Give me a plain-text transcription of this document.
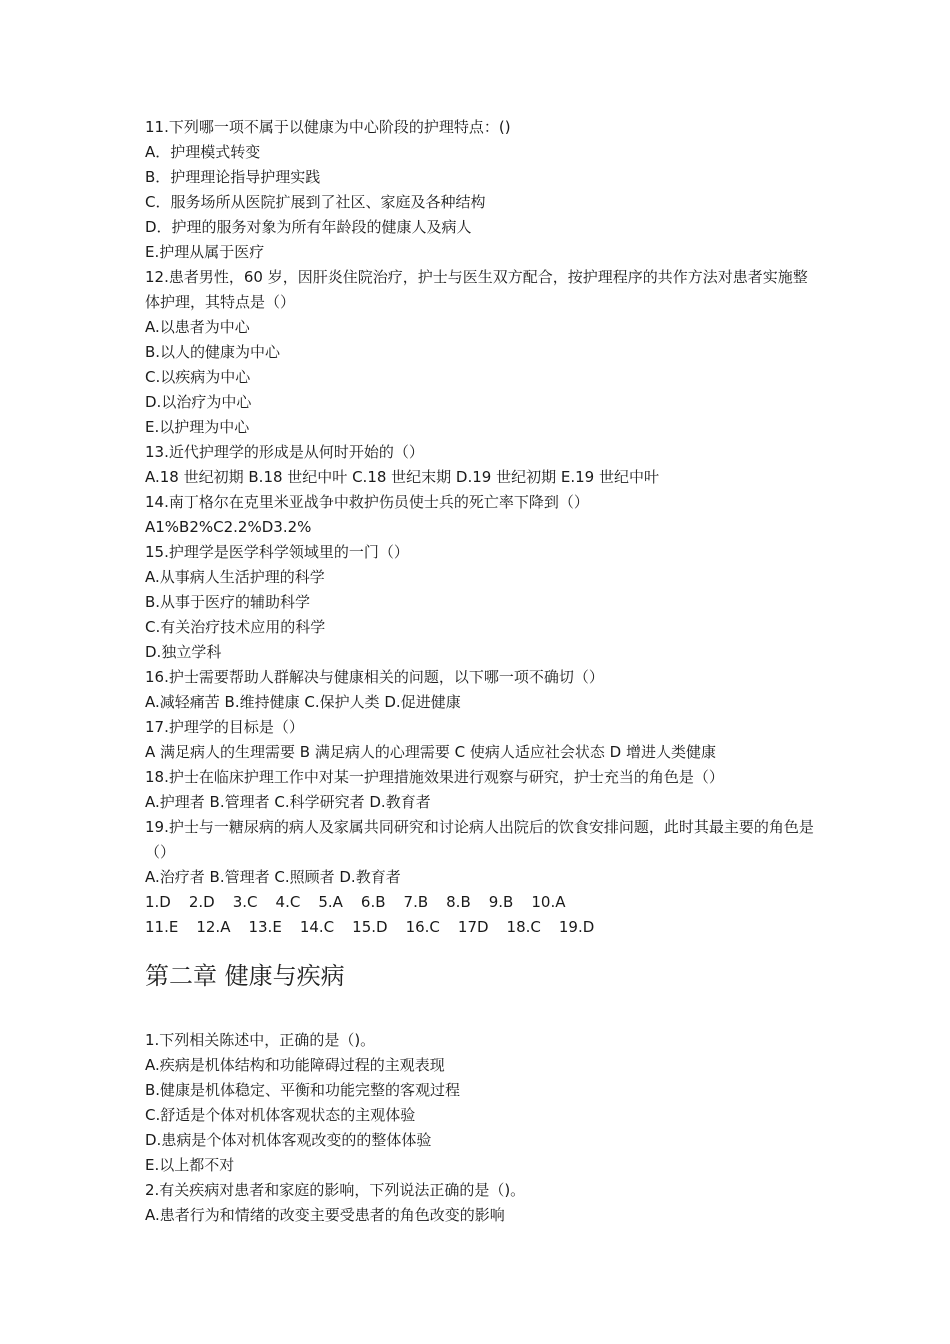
11.下列哪一项不属于以健康为中心阶段的护理特点：()
A．护理模式转变
B．护理理论指导护理实践
C．服务场所从医院扩展到了社区、家庭及各种结构
D．护理的服务对象为所有年龄段的健康人及病人
E.护理从属于医疗
12.患者男性，60 岁，因肝炎住院治疗，护士与医生双方配合，按护理程序的共作方法对患者实施整体护理，其特点是（）
A.以患者为中心
B.以人的健康为中心
C.以疾病为中心
D.以治疗为中心
E.以护理为中心
13.近代护理学的形成是从何时开始的（）
A.18 世纪初期 B.18 世纪中叶 C.18 世纪末期 D.19 世纪初期 E.19 世纪中叶
14.南丁格尔在克里米亚战争中救护伤员使士兵的死亡率下降到（）
A1%B2%C2.2%D3.2%
15.护理学是医学科学领域里的一门（）
A.从事病人生活护理的科学
B.从事于医疗的辅助科学
C.有关治疗技术应用的科学
D.独立学科
16.护士需要帮助人群解决与健康相关的问题，以下哪一项不确切（）
A.减轻痛苦 B.维持健康 C.保护人类 D.促进健康
17.护理学的目标是（）
A 满足病人的生理需要 B 满足病人的心理需要 C 使病人适应社会状态 D 增进人类健康
18.护士在临床护理工作中对某一护理措施效果进行观察与研究，护士充当的角色是（）
A.护理者 B.管理者 C.科学研究者 D.教育者
19.护士与一糖尿病的病人及家属共同研究和讨论病人出院后的饮食安排问题，此时其最主要的角色是（）
A.治疗者 B.管理者 C.照顾者 D.教育者
1.D 2.D 3.C 4.C 5.A 6.B 7.B 8.B 9.B 10.A
11.E 12.A 13.E 14.C 15.D 16.C 17D 18.C 19.D
第二章 健康与疾病
1.下列相关陈述中，正确的是（)。
A.疾病是机体结构和功能障碍过程的主观表现
B.健康是机体稳定、平衡和功能完整的客观过程
C.舒适是个体对机体客观状态的主观体验
D.患病是个体对机体客观改变的的整体体验
E.以上都不对
2.有关疾病对患者和家庭的影响，下列说法正确的是（)。
A.患者行为和情绪的改变主要受患者的角色改变的影响
